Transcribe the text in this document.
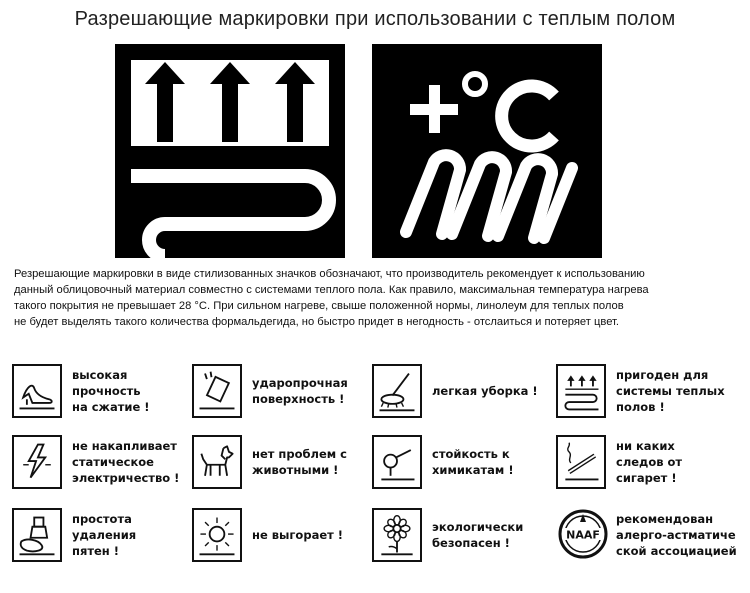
Разрешающие маркировки при использовании с теплым полом
Резрешающие маркировки в виде стилизованных значков обозначают, что производитель рекомендует к использованию
данный облицовочный материал совместно с системами теплого пола. Как правило, максимальная температура нагрева
такого покрытия не превышает 28 °С. При сильном нагреве, свыше положенной нормы, линолеум для теплых полов
не будет выделять такого количества формальдегида, но быстро придет в негодность - отслаиться и потеряет цвет.
высокая
прочность
на сжатие !
ударопрочная
поверхность !
легкая уборка !
пригоден для
системы теплых
полов !
не накапливает
статическое
электричество !
нет проблем с
животными !
стойкость к
химикатам !
ни каких
следов от
сигарет !
простота
удаления
пятен !
не выгорает !
экологически
безопасен !
NAAF
рекомендован
алерго-астматиче
ской ассоциацией
